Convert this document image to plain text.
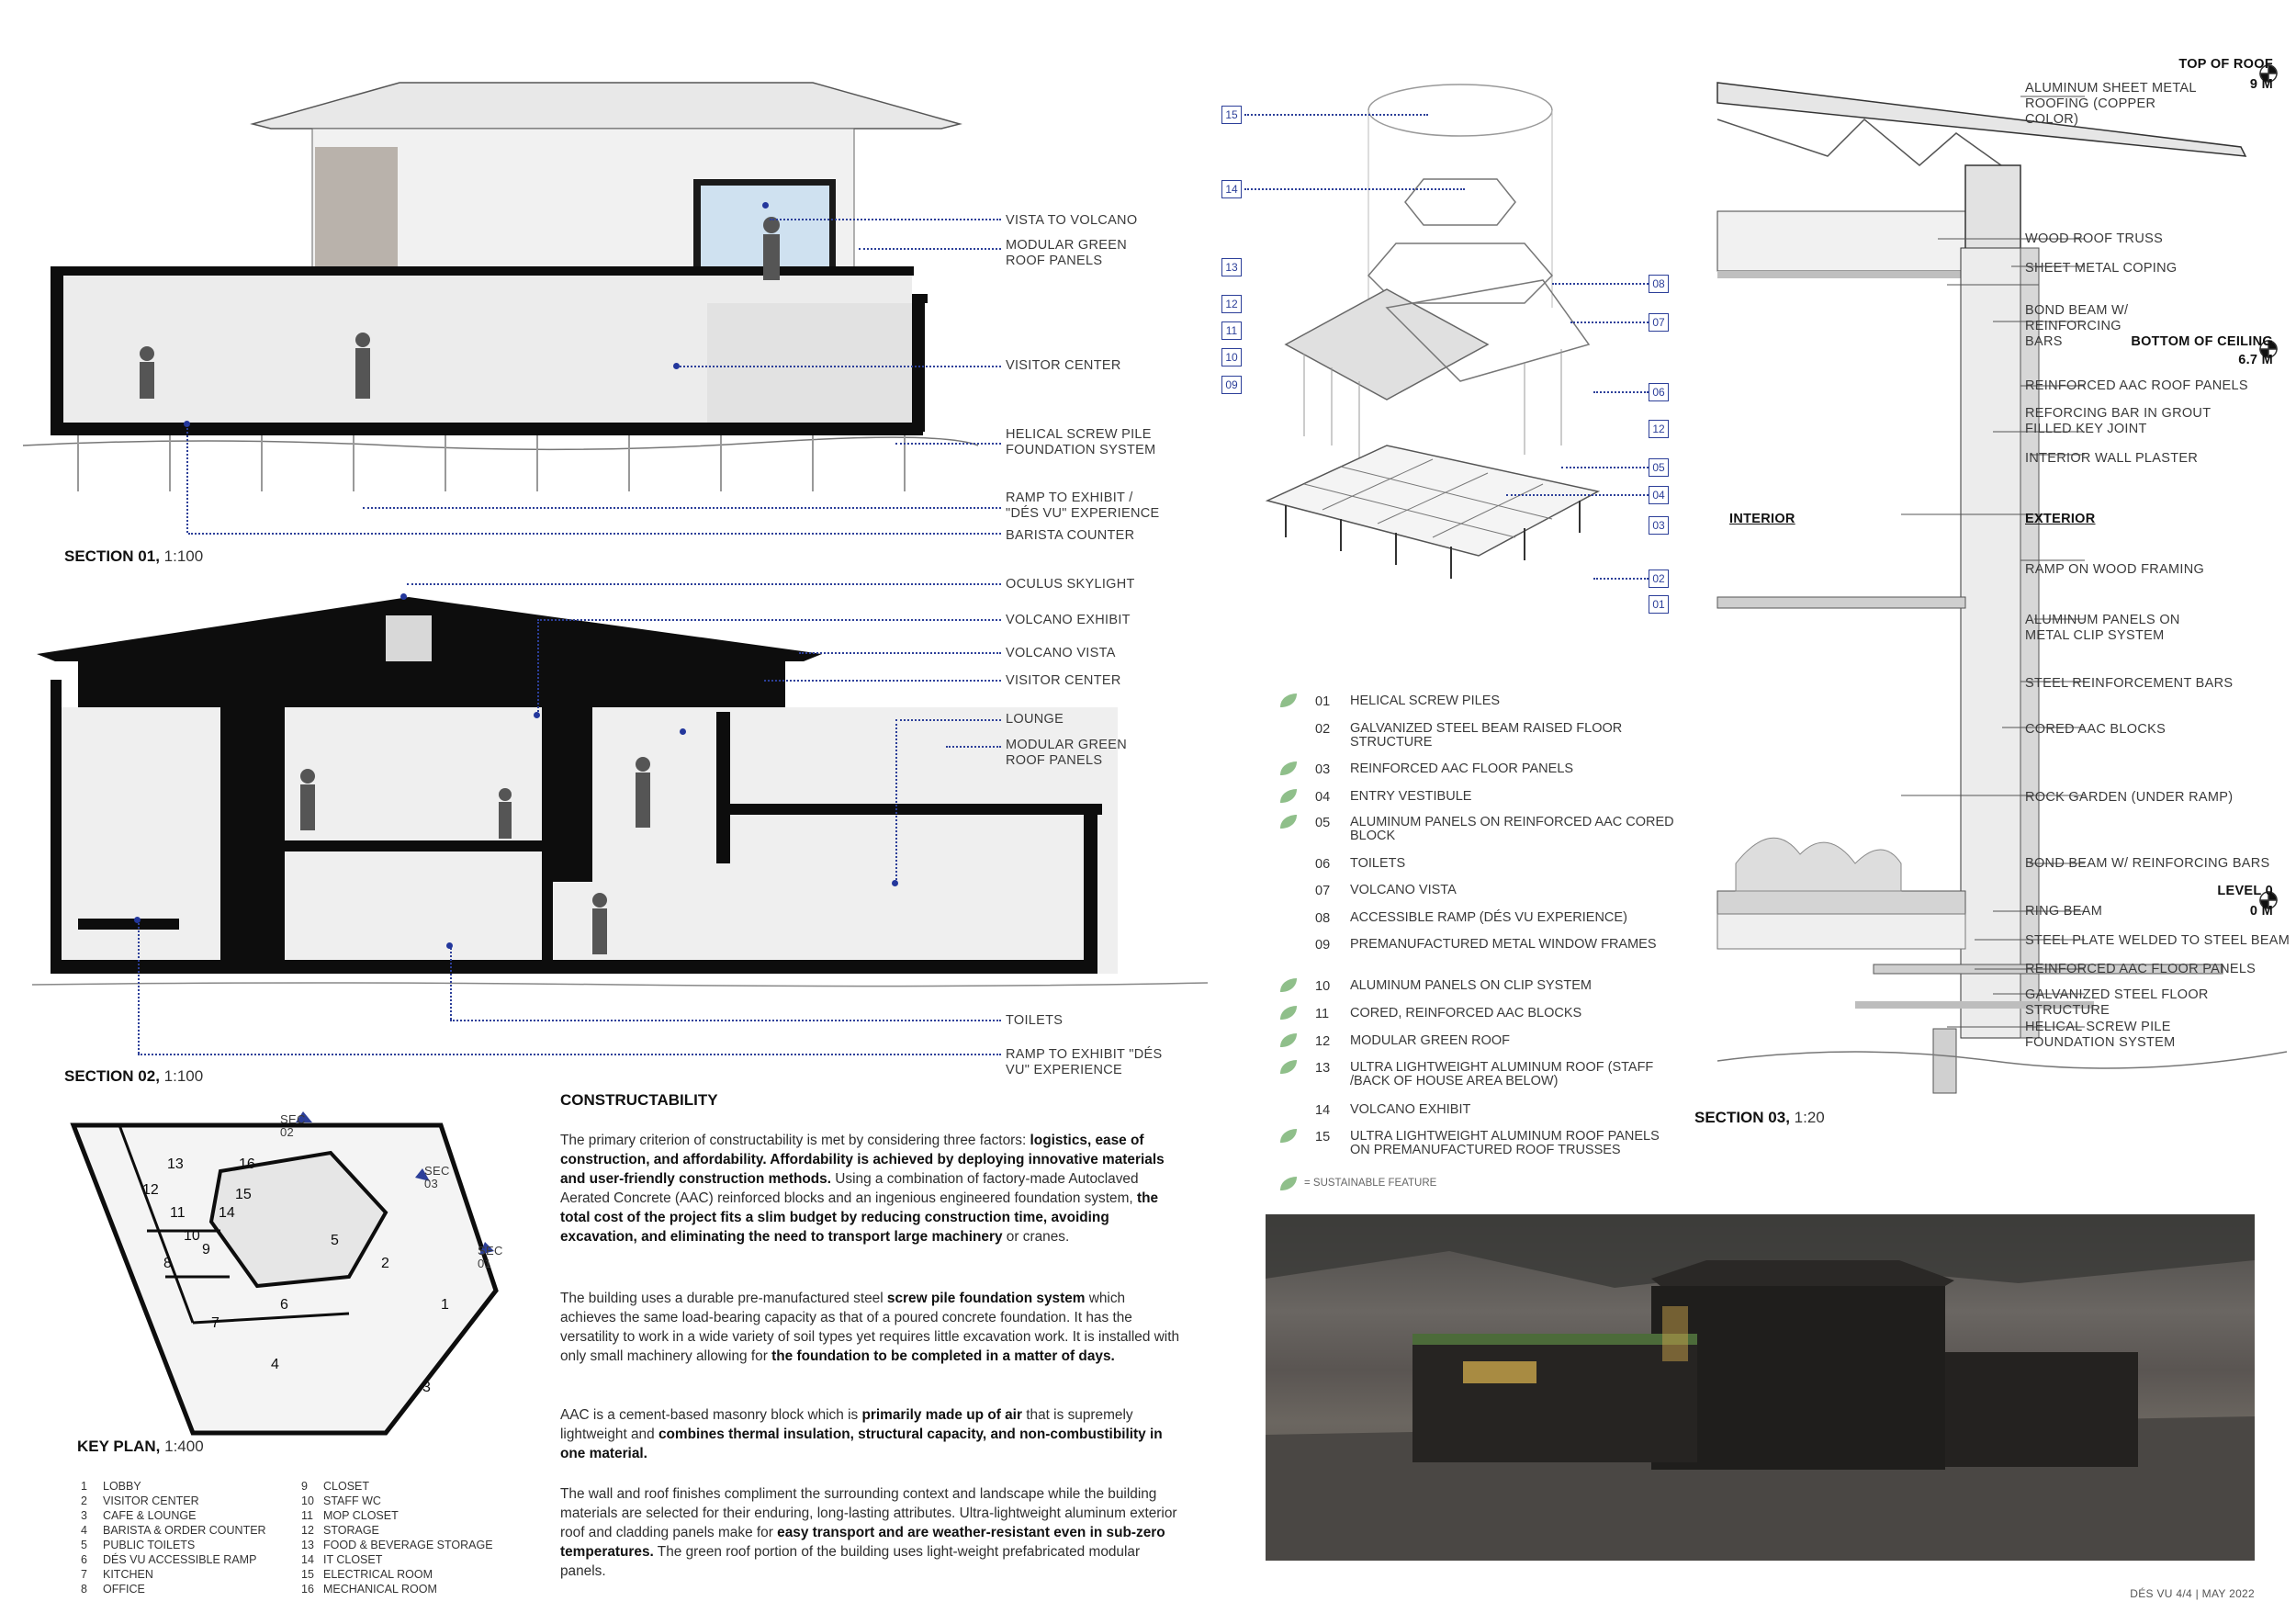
VISTA TO VOLCANO
MODULAR GREEN ROOF PANELS
VISITOR CENTER
HELICAL SCREW PILE FOUNDATION SYSTEM
RAMP TO EXHIBIT / "DÉS VU" EXPERIENCE
BARISTA COUNTER
SECTION 01, 1:100
OCULUS SKYLIGHT
VOLCANO EXHIBIT
VOLCANO VISTA
VISITOR CENTER
LOUNGE
MODULAR GREEN ROOF PANELS
TOILETS
RAMP TO EXHIBIT "DÉS VU" EXPERIENCE
SECTION 02, 1:100
1
2
3
4
5
6
7
8
9
10
11
12
13
14
15
16
SEC 02
SEC 03
SEC 01
KEY PLAN, 1:400
1 LOBBY
2 VISITOR CENTER
3 CAFE & LOUNGE
4 BARISTA & ORDER COUNTER
5 PUBLIC TOILETS
6 DÉS VU ACCESSIBLE RAMP
7 KITCHEN
8 OFFICE
9 CLOSET
10 STAFF WC
11 MOP CLOSET
12 STORAGE
13 FOOD & BEVERAGE STORAGE
14 IT CLOSET
15 ELECTRICAL ROOM
16 MECHANICAL ROOM
CONSTRUCTABILITY
The primary criterion of constructability is met by considering three factors: logistics, ease of construction, and affordability. Affordability is achieved by deploying innovative materials and user-friendly construction methods. Using a combination of factory-made Autoclaved Aerated Concrete (AAC) reinforced blocks and an ingenious engineered foundation system, the total cost of the project fits a slim budget by reducing construction time, avoiding excavation, and eliminating the need to transport large machinery or cranes.
The building uses a durable pre-manufactured steel screw pile foundation system which achieves the same load-bearing capacity as that of a poured concrete foundation. It has the versatility to work in a wide variety of soil types yet requires little excavation work. It is installed with only small machinery allowing for the foundation to be completed in a matter of days.
AAC is a cement-based masonry block which is primarily made up of air that is supremely lightweight and combines thermal insulation, structural capacity, and non-combustibility in one material.
The wall and roof finishes compliment the surrounding context and landscape while the building materials are selected for their enduring, long-lasting attributes. Ultra-lightweight aluminum exterior roof and cladding panels make for easy transport and are weather-resistant even in sub-zero temperatures. The green roof portion of the building uses light-weight prefabricated modular panels.
15
14
13
12
11
10
09
08
07
06
12
05
04
03
02
01
01 HELICAL SCREW PILES
02 GALVANIZED STEEL BEAM RAISED FLOOR STRUCTURE
03 REINFORCED AAC FLOOR PANELS
04 ENTRY VESTIBULE
05 ALUMINUM PANELS ON REINFORCED AAC CORED BLOCK
06 TOILETS
07 VOLCANO VISTA
08 ACCESSIBLE RAMP (DÉS VU EXPERIENCE)
09 PREMANUFACTURED METAL WINDOW FRAMES
10 ALUMINUM PANELS ON CLIP SYSTEM
11 CORED, REINFORCED AAC BLOCKS
12 MODULAR GREEN ROOF
13 ULTRA LIGHTWEIGHT ALUMINUM ROOF (STAFF /BACK OF HOUSE AREA BELOW)
14 VOLCANO EXHIBIT
15 ULTRA LIGHTWEIGHT ALUMINUM ROOF PANELS ON PREMANUFACTURED ROOF TRUSSES
= SUSTAINABLE FEATURE
TOP OF ROOF
9 M
BOTTOM OF CEILING
6.7 M
LEVEL 0
0 M
INTERIOR	EXTERIOR
ALUMINUM SHEET METAL ROOFING (COPPER COLOR)
WOOD ROOF TRUSS
SHEET METAL COPING
BOND BEAM W/ REINFORCING BARS
REINFORCED AAC ROOF PANELS
REFORCING BAR IN GROUT FILLED KEY JOINT
INTERIOR WALL PLASTER
RAMP ON WOOD FRAMING
ALUMINUM PANELS ON METAL CLIP SYSTEM
STEEL REINFORCEMENT BARS
CORED AAC BLOCKS
ROCK GARDEN (UNDER RAMP)
BOND BEAM W/ REINFORCING BARS
RING BEAM
STEEL PLATE WELDED TO STEEL BEAM
REINFORCED AAC FLOOR PANELS
GALVANIZED STEEL FLOOR STRUCTURE
HELICAL SCREW PILE FOUNDATION SYSTEM
SECTION 03, 1:20
DÉS VU 4/4 | MAY 2022
